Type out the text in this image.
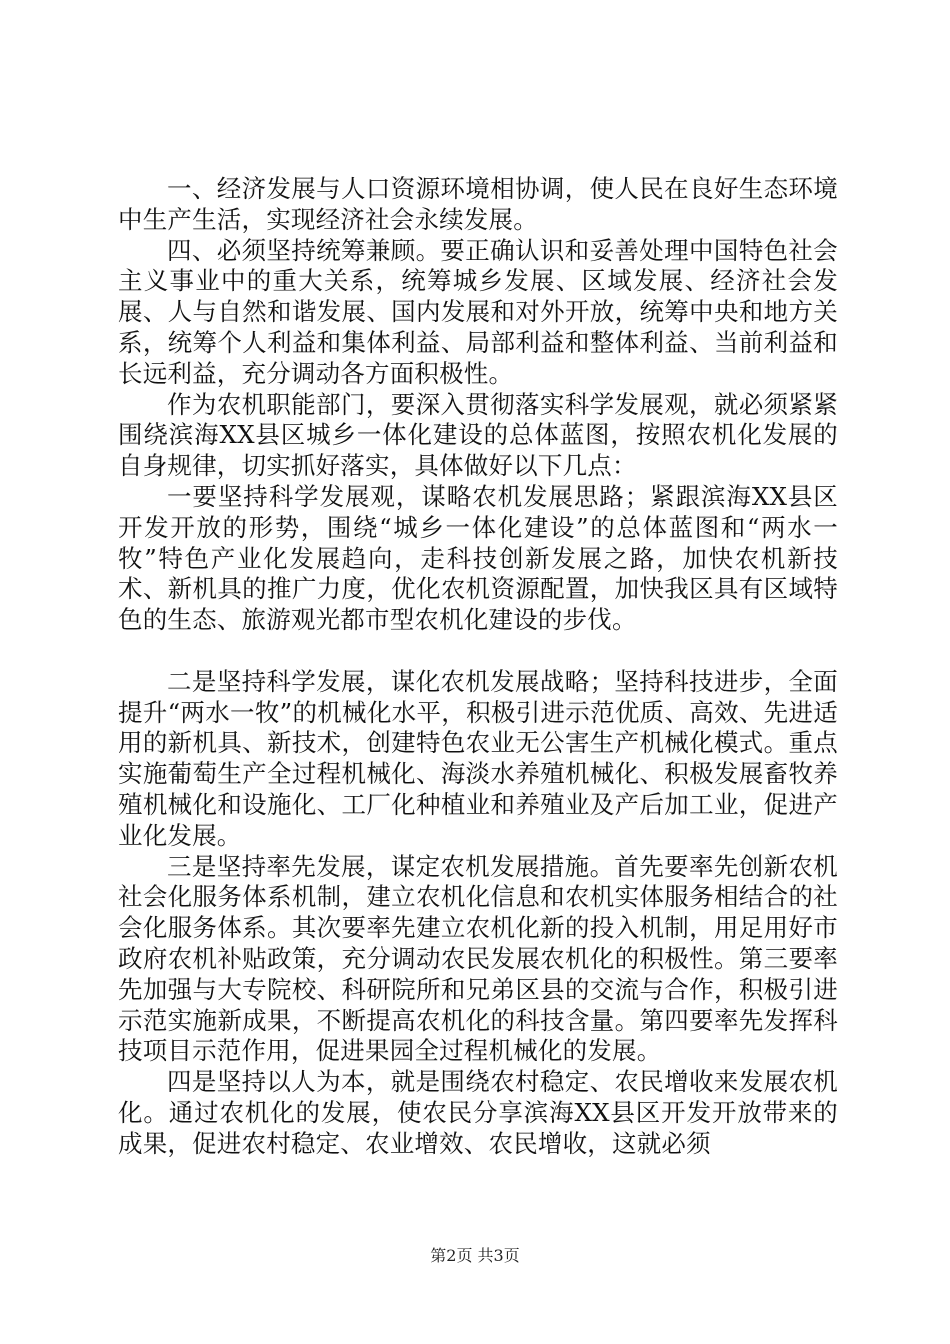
一、经济发展与人口资源环境相协调，使人民在良好生态环境中生产生活，实现经济社会永续发展。

四、必须坚持统筹兼顾。要正确认识和妥善处理中国特色社会主义事业中的重大关系，统筹城乡发展、区域发展、经济社会发展、人与自然和谐发展、国内发展和对外开放，统筹中央和地方关系，统筹个人利益和集体利益、局部利益和整体利益、当前利益和长远利益，充分调动各方面积极性。

作为农机职能部门，要深入贯彻落实科学发展观，就必须紧紧围绕滨海XX县区城乡一体化建设的总体蓝图，按照农机化发展的自身规律，切实抓好落实，具体做好以下几点：

一要坚持科学发展观，谋略农机发展思路；紧跟滨海XX县区开发开放的形势，围绕“城乡一体化建设”的总体蓝图和“两水一牧”特色产业化发展趋向，走科技创新发展之路，加快农机新技术、新机具的推广力度，优化农机资源配置，加快我区具有区域特色的生态、旅游观光都市型农机化建设的步伐。

二是坚持科学发展，谋化农机发展战略；坚持科技进步，全面提升“两水一牧”的机械化水平，积极引进示范优质、高效、先进适用的新机具、新技术，创建特色农业无公害生产机械化模式。重点实施葡萄生产全过程机械化、海淡水养殖机械化、积极发展畜牧养殖机械化和设施化、工厂化种植业和养殖业及产后加工业，促进产业化发展。

三是坚持率先发展，谋定农机发展措施。首先要率先创新农机社会化服务体系机制，建立农机化信息和农机实体服务相结合的社会化服务体系。其次要率先建立农机化新的投入机制，用足用好市政府农机补贴政策，充分调动农民发展农机化的积极性。第三要率先加强与大专院校、科研院所和兄弟区县的交流与合作，积极引进示范实施新成果，不断提高农机化的科技含量。第四要率先发挥科技项目示范作用，促进果园全过程机械化的发展。

四是坚持以人为本，就是围绕农村稳定、农民增收来发展农机化。通过农机化的发展，使农民分享滨海XX县区开发开放带来的成果，促进农村稳定、农业增效、农民增收，这就必须

第2页 共3页
